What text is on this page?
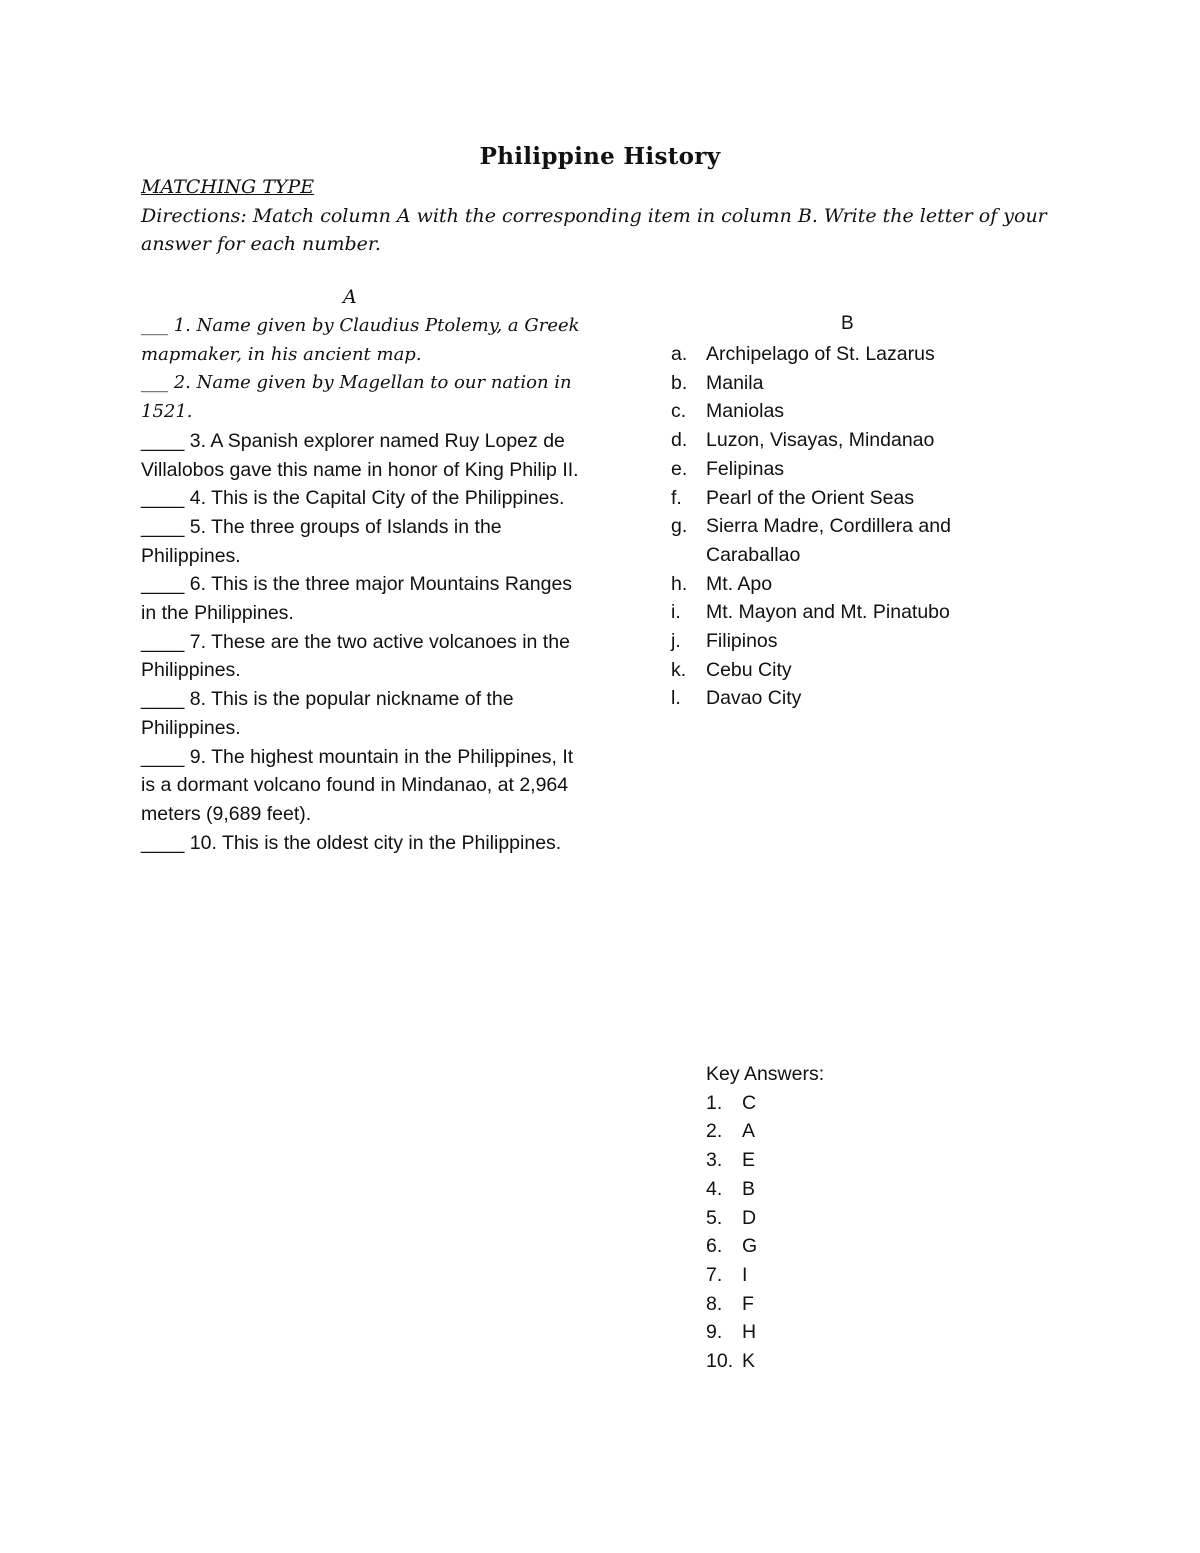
Philippine History
MATCHING TYPE
Directions: Match column A with the corresponding item in column B. Write the letter of your answer for each number.
A

___ 1. Name given by Claudius Ptolemy, a Greek mapmaker, in his ancient map.

___ 2. Name given by Magellan to our nation in 1521.

____ 3. A Spanish explorer named Ruy Lopez de Villalobos gave this name in honor of King Philip II.

____ 4. This is the Capital City of the Philippines.

____ 5. The three groups of Islands in the Philippines.

____ 6. This is the three major Mountains Ranges in the Philippines.

____ 7. These are the two active volcanoes in the Philippines.

____ 8. This is the popular nickname of the Philippines.

____ 9. The highest mountain in the Philippines, It is a dormant volcano found in Mindanao, at 2,964 meters (9,689 feet).

____ 10. This is the oldest city in the Philippines.

B
a. Archipelago of St. Lazarus
b. Manila
c. Maniolas
d. Luzon, Visayas, Mindanao
e. Felipinas
f. Pearl of the Orient Seas
g. Sierra Madre, Cordillera and Caraballao
h. Mt. Apo
i. Mt. Mayon and Mt. Pinatubo
j. Filipinos
k. Cebu City
l. Davao City
Key Answers:
1. C
2. A
3. E
4. B
5. D
6. G
7. I
8. F
9. H
10. K
